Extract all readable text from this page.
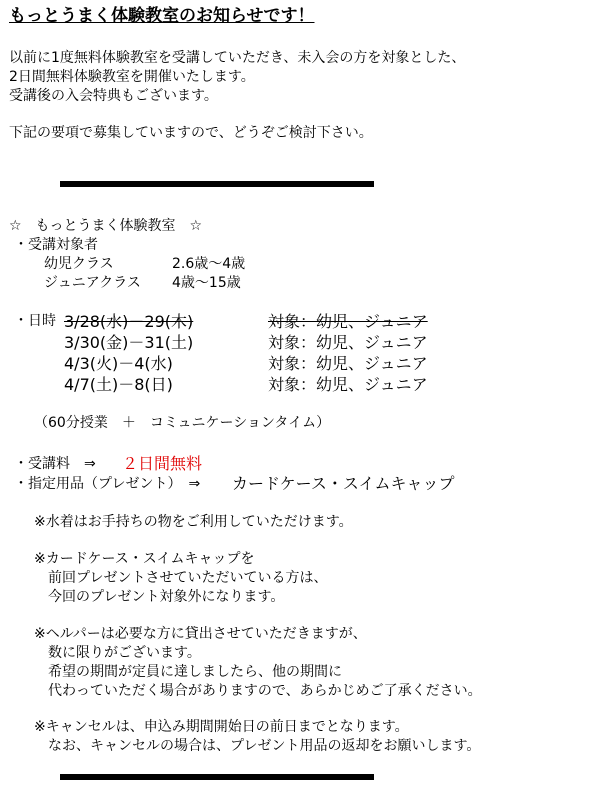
もっとうまく体験教室のお知らせです！
以前に1度無料体験教室を受講していただき、未入会の方を対象とした、
2日間無料体験教室を開催いたします。
受講後の入会特典もございます。
下記の要項で募集していますので、どうぞご検討下さい。
☆　もっとうまく体験教室　☆
・受講対象者
幼児クラス	2.6歳～4歳
ジュニアクラス 4歳～15歳
・日時 3/28(水)－29(木)	対象：幼児、ジュニア
3/30(金)－31(土)	対象：幼児、ジュニア
4/3(火)－4(水)	対象：幼児、ジュニア
4/7(土)－8(日)	対象：幼児、ジュニア
（60分授業　＋　コミュニケーションタイム）
・受講料　⇒ ２日間無料
・指定用品（プレゼント）　⇒ カードケース・スイムキャップ
※水着はお手持ちの物をご利用していただけます。
※カードケース・スイムキャップを
　前回プレゼントさせていただいている方は、
　今回のプレゼント対象外になります。
※ヘルパーは必要な方に貸出させていただきますが、
　数に限りがございます。
　希望の期間が定員に達しましたら、他の期間に
　代わっていただく場合がありますので、あらかじめご了承ください。
※キャンセルは、申込み期間開始日の前日までとなります。
　なお、キャンセルの場合は、プレゼント用品の返却をお願いします。
